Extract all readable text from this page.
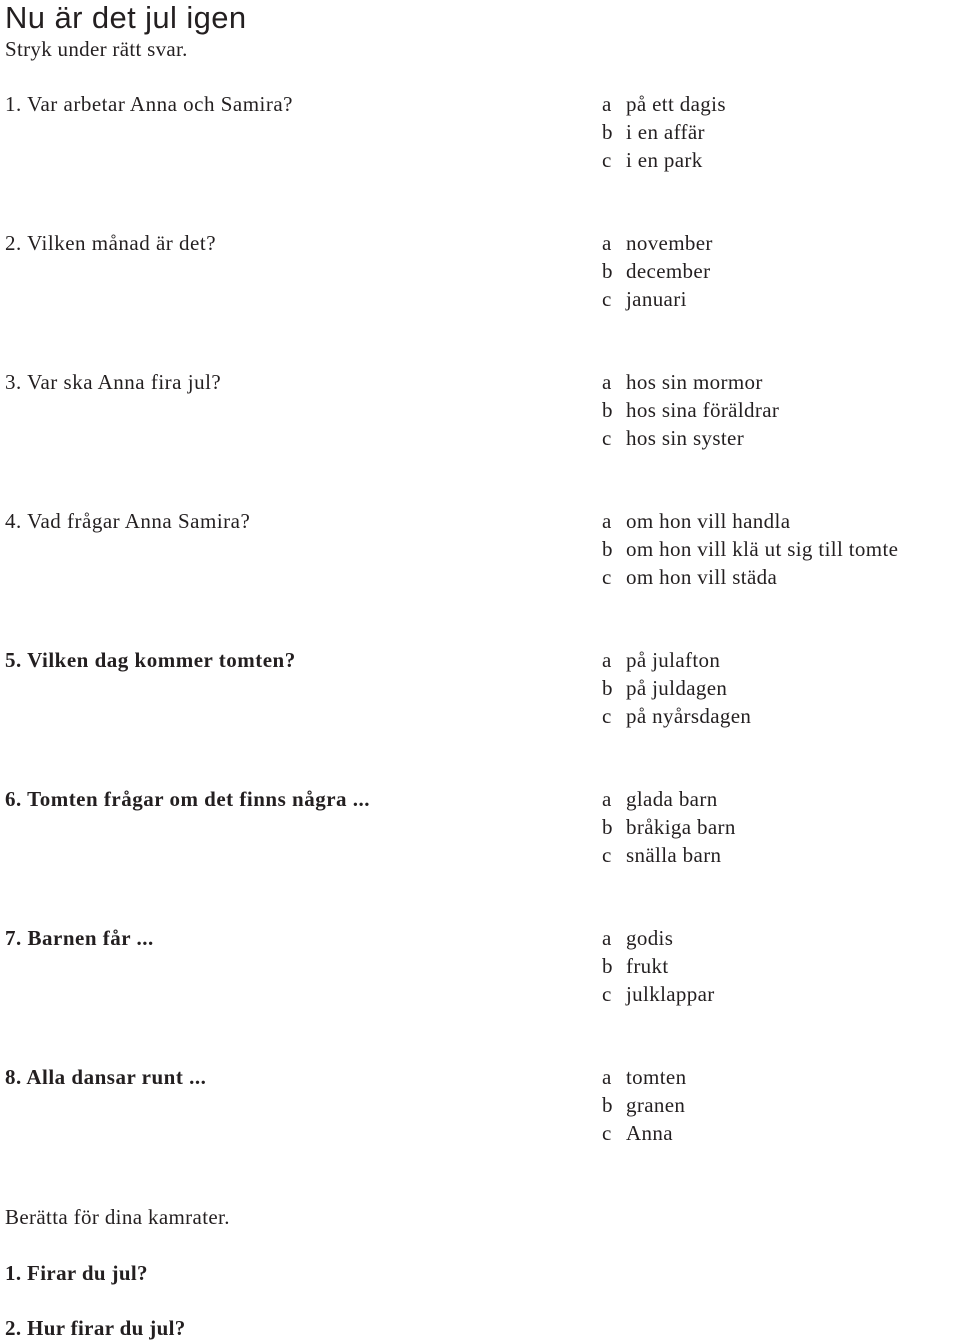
Nu är det jul igen
Stryk under rätt svar.
1. Var arbetar Anna och Samira?	a på ett dagis
b i en affär
c i en park
2. Vilken månad är det?	a november
b december
c januari
3. Var ska Anna fira jul?	a hos sin mormor
b hos sina föräldrar
c hos sin syster
4. Vad frågar Anna Samira?	a om hon vill handla
b om hon vill klä ut sig till tomte
c om hon vill städa
5. Vilken dag kommer tomten?	a på julafton
b på juldagen
c på nyårsdagen
6. Tomten frågar om det finns några ...	a glada barn
b bråkiga barn
c snälla barn
7. Barnen får ...	a godis
b frukt
c julklappar
8. Alla dansar runt ...	a tomten
b granen
c Anna
Berätta för dina kamrater.
1. Firar du jul?
2. Hur firar du jul?
